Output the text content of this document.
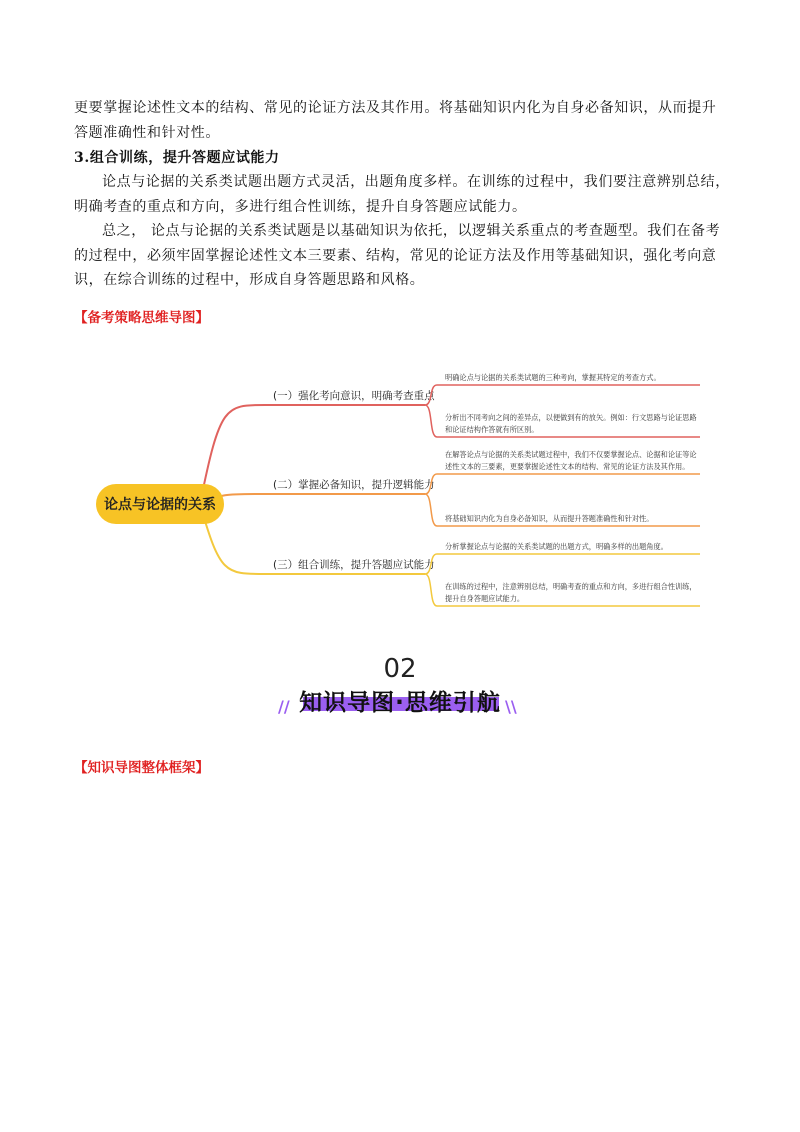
更要掌握论述性文本的结构、常见的论证方法及其作用。将基础知识内化为自身必备知识，从而提升答题准确性和针对性。

3.组合训练，提升答题应试能力

论点与论据的关系类试题出题方式灵活，出题角度多样。在训练的过程中，我们要注意辨别总结，明确考查的重点和方向，多进行组合性训练，提升自身答题应试能力。

总之， 论点与论据的关系类试题是以基础知识为依托，以逻辑关系重点的考查题型。我们在备考的过程中，必须牢固掌握论述性文本三要素、结构，常见的论证方法及作用等基础知识，强化考向意识，在综合训练的过程中，形成自身答题思路和风格。

【备考策略思维导图】
(一）强化考向意识，明确考查重点
明确论点与论据的关系类试题的三种考向，掌握其特定的考查方式。
分析出不同考向之间的差异点，以便做到有的放矢。例如：行文思路与论证思路
和论证结构作答就有所区别。
(二）掌握必备知识，提升逻辑能力
在解答论点与论据的关系类试题过程中，我们不仅要掌握论点、论据和论证等论
述性文本的三要素，更要掌握论述性文本的结构、常见的论证方法及其作用。
将基础知识内化为自身必备知识，从而提升答题准确性和针对性。
(三）组合训练，提升答题应试能力
分析掌握论点与论据的关系类试题的出题方式，明确多样的出题角度。
在训练的过程中，注意辨别总结，明确考查的重点和方向，多进行组合性训练，
提升自身答题应试能力。
论点与论据的关系
//	\\
02
知识导图·思维引航
【知识导图整体框架】
